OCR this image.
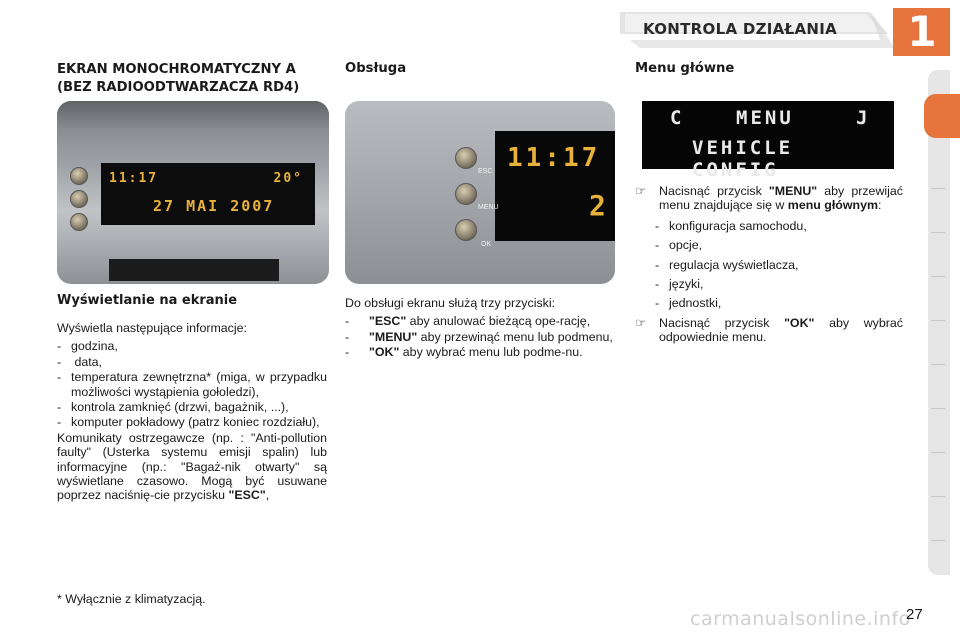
KONTROLA DZIAŁANIA	1
EKRAN MONOCHROMATYCZNY A (BEZ RADIOODTWARZACZA RD4)
Obsługa	Menu główne
11:17	20°
27 MAI 2007
11:17
2
ESC
MENU
OK
C	MENU	J
VEHICLE CONFIG
Wyświetlanie na ekranie
Wyświetla następujące informacje:
- godzina,
- data,
- temperatura zewnętrzna* (miga, w przypadku możliwości wystąpienia gołoledzi),
- kontrola zamknięć (drzwi, bagażnik, ...),
- komputer pokładowy (patrz koniec rozdziału),
Komunikaty ostrzegawcze (np. : "Anti-pollution faulty" (Usterka systemu emisji spalin) lub informacyjne (np.: "Bagaż-nik otwarty" są wyświetlane czasowo. Mogą być usuwane poprzez naciśnię-cie przycisku "ESC",
Do obsługi ekranu służą trzy przyciski:
-	"ESC" aby anulować bieżącą ope-rację,
-	"MENU" aby przewinąć menu lub podmenu,
-	"OK" aby wybrać menu lub podme-nu.
☞	Nacisnąć przycisk "MENU" aby przewijać menu znajdujące się w menu głównym:
- konfiguracja samochodu,
- opcje,
- regulacja wyświetlacza,
- języki,
- jednostki,
☞	Nacisnąć przycisk "OK" aby wybrać odpowiednie menu.
* Wyłącznie z klimatyzacją.
carmanualsonline.info
27
